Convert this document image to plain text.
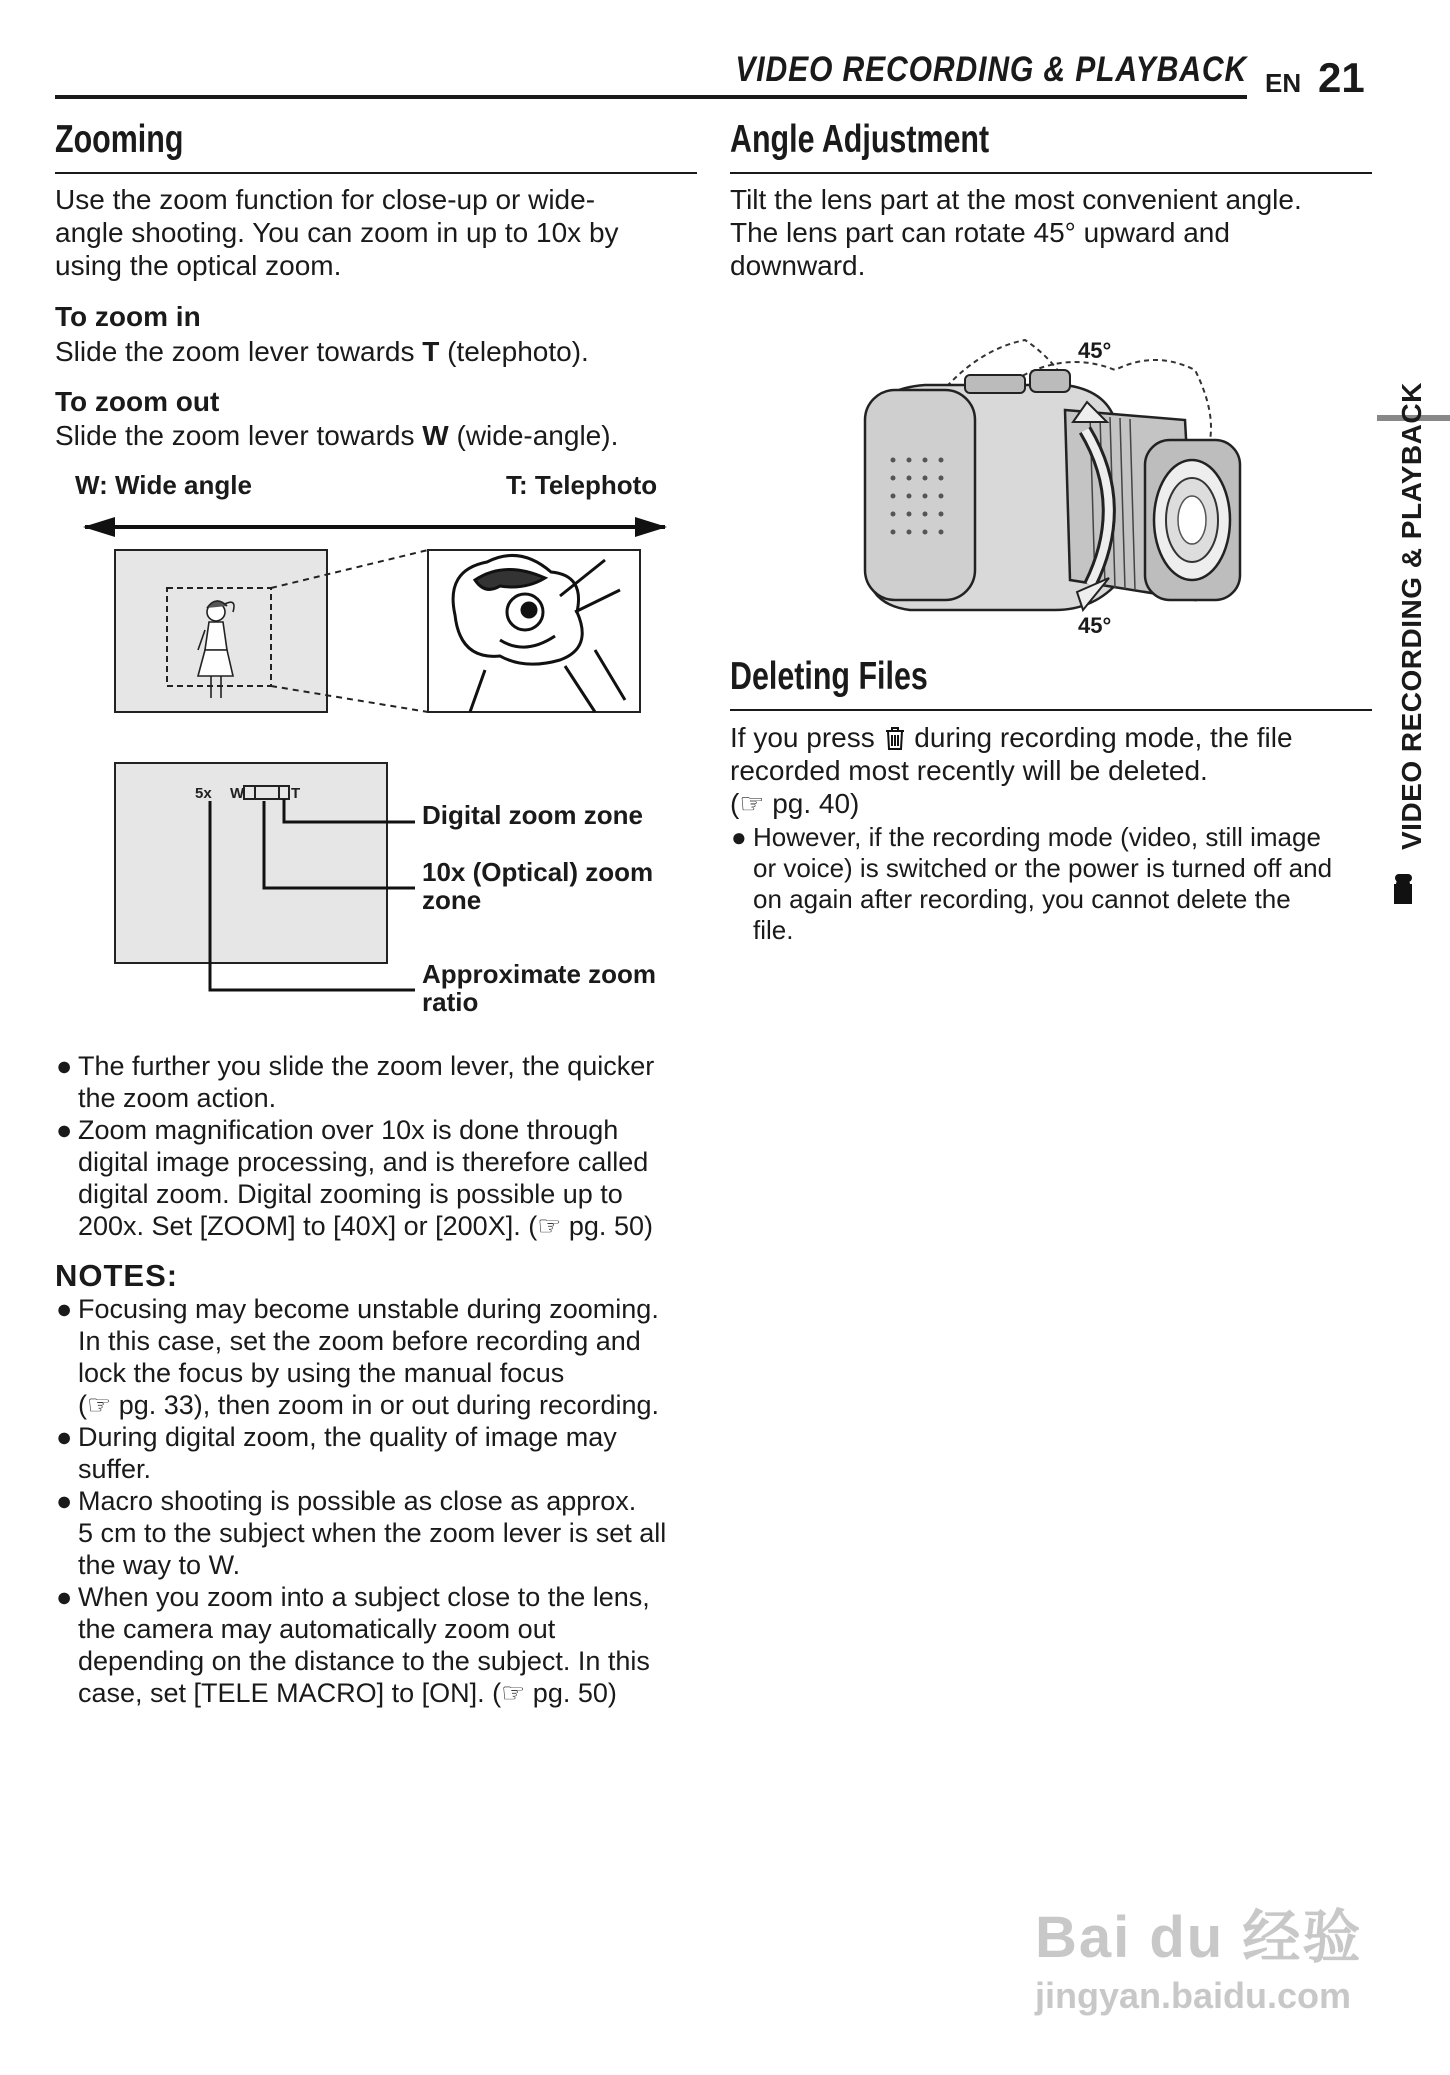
VIDEO RECORDING & PLAYBACK EN 21
Zooming
Use the zoom function for close-up or wide-
angle shooting. You can zoom in up to 10x by
using the optical zoom.
To zoom in
Slide the zoom lever towards T (telephoto).
To zoom out
Slide the zoom lever towards W (wide-angle).
W: Wide angle	T: Telephoto
5x W	T
Digital zoom zone
10x (Optical) zoom
zone
Approximate zoom
ratio
● The further you slide the zoom lever, the quicker
the zoom action.
● Zoom magnification over 10x is done through
digital image processing, and is therefore called
digital zoom. Digital zooming is possible up to
200x. Set [ZOOM] to [40X] or [200X]. (☞ pg. 50)
NOTES:
● Focusing may become unstable during zooming.
In this case, set the zoom before recording and
lock the focus by using the manual focus
(☞ pg. 33), then zoom in or out during recording.
● During digital zoom, the quality of image may
suffer.
● Macro shooting is possible as close as approx.
5 cm to the subject when the zoom lever is set all
the way to W.
● When you zoom into a subject close to the lens,
the camera may automatically zoom out
depending on the distance to the subject. In this
case, set [TELE MACRO] to [ON]. (☞ pg. 50)
Angle Adjustment
Tilt the lens part at the most convenient angle.
The lens part can rotate 45° upward and
downward.
45°
45°
Deleting Files
If you press  during recording mode, the file
recorded most recently will be deleted.
(☞ pg. 40)
● However, if the recording mode (video, still image
or voice) is switched or the power is turned off and
on again after recording, you cannot delete the
file.
VIDEO RECORDING & PLAYBACK
Bai du 经验
jingyan.baidu.com
